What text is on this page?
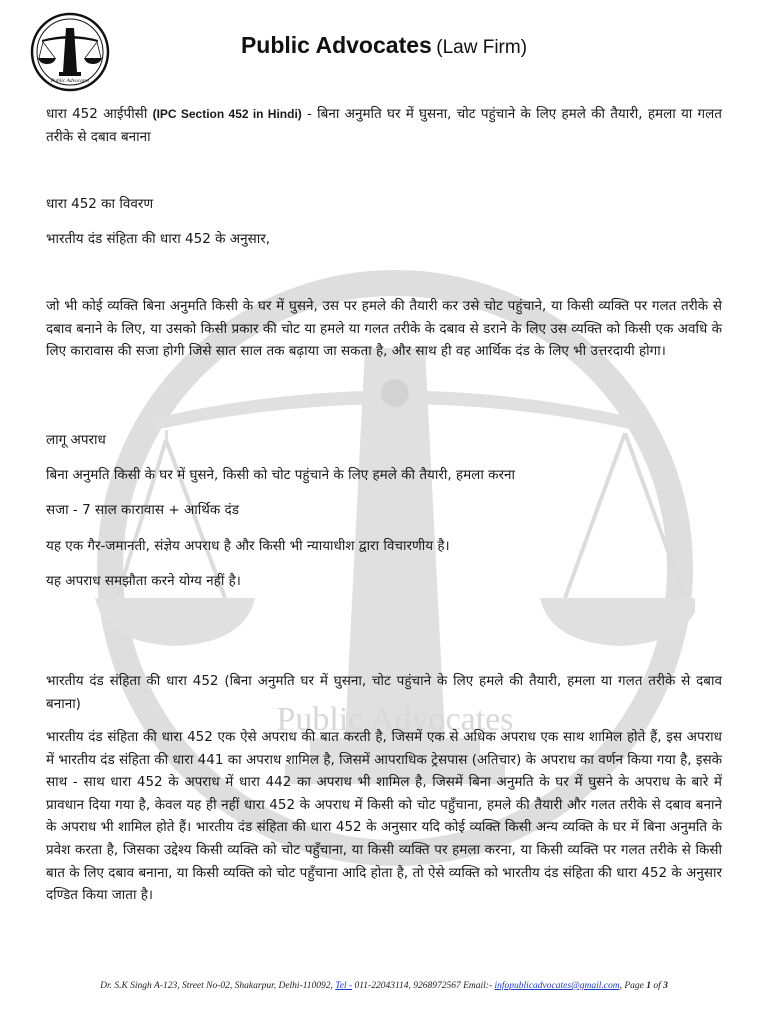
Public Advocates
Public Advocates
Public Advocates (Law Firm)
धारा 452 आईपीसी (IPC Section 452 in Hindi) - बिना अनुमति घर में घुसना, चोट पहुंचाने के लिए हमले की तैयारी, हमला या गलत तरीके से दबाव बनाना
धारा 452 का विवरण
भारतीय दंड संहिता की धारा 452 के अनुसार,
जो भी कोई व्यक्ति बिना अनुमति किसी के घर में घुसने, उस पर हमले की तैयारी कर उसे चोट पहुंचाने, या किसी व्यक्ति पर गलत तरीके से दबाव बनाने के लिए, या उसको किसी प्रकार की चोट या हमले या गलत तरीके के दबाव से डराने के लिए उस व्यक्ति को किसी एक अवधि के लिए कारावास की सजा होगी जिसे सात साल तक बढ़ाया जा सकता है, और साथ ही वह आर्थिक दंड के लिए भी उत्तरदायी होगा।
लागू अपराध
बिना अनुमति किसी के घर में घुसने, किसी को चोट पहुंचाने के लिए हमले की तैयारी, हमला करना
सजा - 7 साल कारावास + आर्थिक दंड
यह एक गैर-जमानती, संज्ञेय अपराध है और किसी भी न्यायाधीश द्वारा विचारणीय है।
यह अपराध समझौता करने योग्य नहीं है।
भारतीय दंड संहिता की धारा 452 (बिना अनुमति घर में घुसना, चोट पहुंचाने के लिए हमले की तैयारी, हमला या गलत तरीके से दबाव बनाना)
भारतीय दंड संहिता की धारा 452 एक ऐसे अपराध की बात करती है, जिसमें एक से अधिक अपराध एक साथ शामिल होते हैं, इस अपराध में भारतीय दंड संहिता की धारा 441 का अपराध शामिल है, जिसमें आपराधिक ट्रेसपास (अतिचार) के अपराध का वर्णन किया गया है, इसके साथ - साथ धारा 452 के अपराध में धारा 442 का अपराध भी शामिल है, जिसमें बिना अनुमति के घर में घुसने के अपराध के बारे में प्रावधान दिया गया है, केवल यह ही नहीं धारा 452 के अपराध में किसी को चोट पहुँचाना, हमले की तैयारी और गलत तरीके से दबाव बनाने के अपराध भी शामिल होते हैं। भारतीय दंड संहिता की धारा 452 के अनुसार यदि कोई व्यक्ति किसी अन्य व्यक्ति के घर में बिना अनुमति के प्रवेश करता है, जिसका उद्देश्य किसी व्यक्ति को चोट पहुँचाना, या किसी व्यक्ति पर हमला करना, या किसी व्यक्ति पर गलत तरीके से किसी बात के लिए दबाव बनाना, या किसी व्यक्ति को चोट पहुँचाना आदि होता है, तो ऐसे व्यक्ति को भारतीय दंड संहिता की धारा 452 के अनुसार दण्डित किया जाता है।
Dr. S.K Singh A-123, Street No-02, Shakarpur, Delhi-110092, Tel - 011-22043114, 9268972567 Email:- infopublicadvocates@gmail.com, Page 1 of 3
